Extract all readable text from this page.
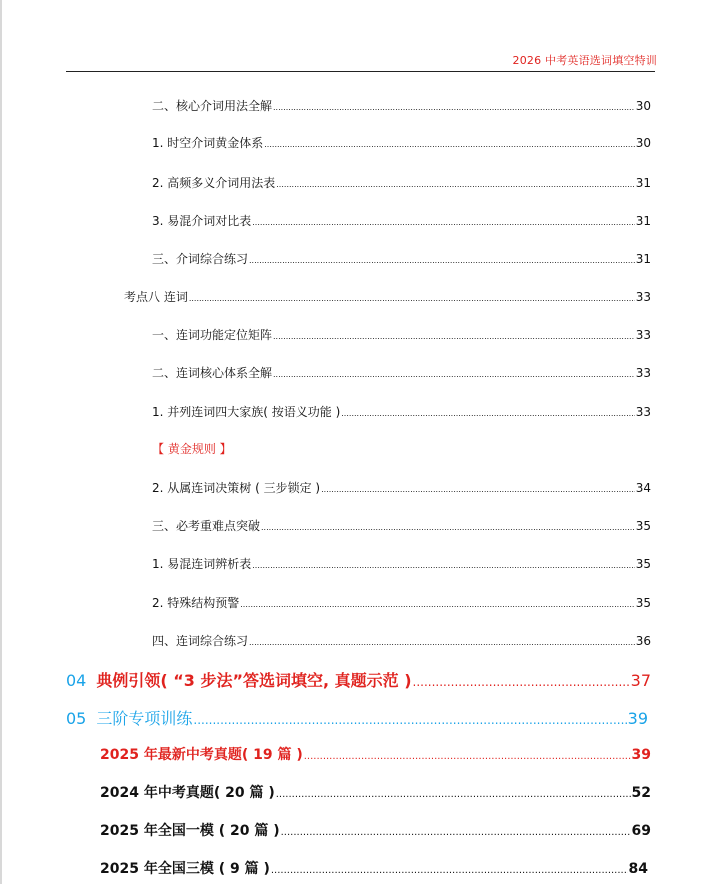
2026 中考英语选词填空特训
二、核心介词用法全解 .....	30
1. 时空介词黄金体系 .....	30
2. 高频多义介词用法表 .....	31
3. 易混介词对比表 .....	31
三、介词综合练习 .....	31
考点八 连词 .....	33
一、连词功能定位矩阵 .....	33
二、连词核心体系全解 .....	33
1. 并列连词四大家族( 按语义功能 ) .....	33
【 黄金规则 】
2. 从属连词决策树 ( 三步锁定 ) .....	34
三、必考重难点突破 .....	35
1. 易混连词辨析表 .....	35
2. 特殊结构预警 .....	35
四、连词综合练习 .....	36
04 典例引领( “3 步法”答选词填空, 真题示范 ) .....	37
05 三阶专项训练 .....	39
2025 年最新中考真题( 19 篇 ) .....	39
2024 年中考真题( 20 篇 ) .....	52
2025 年全国一模 ( 20 篇 ) .....	69
2025 年全国三模 ( 9 篇 ) .....	84
